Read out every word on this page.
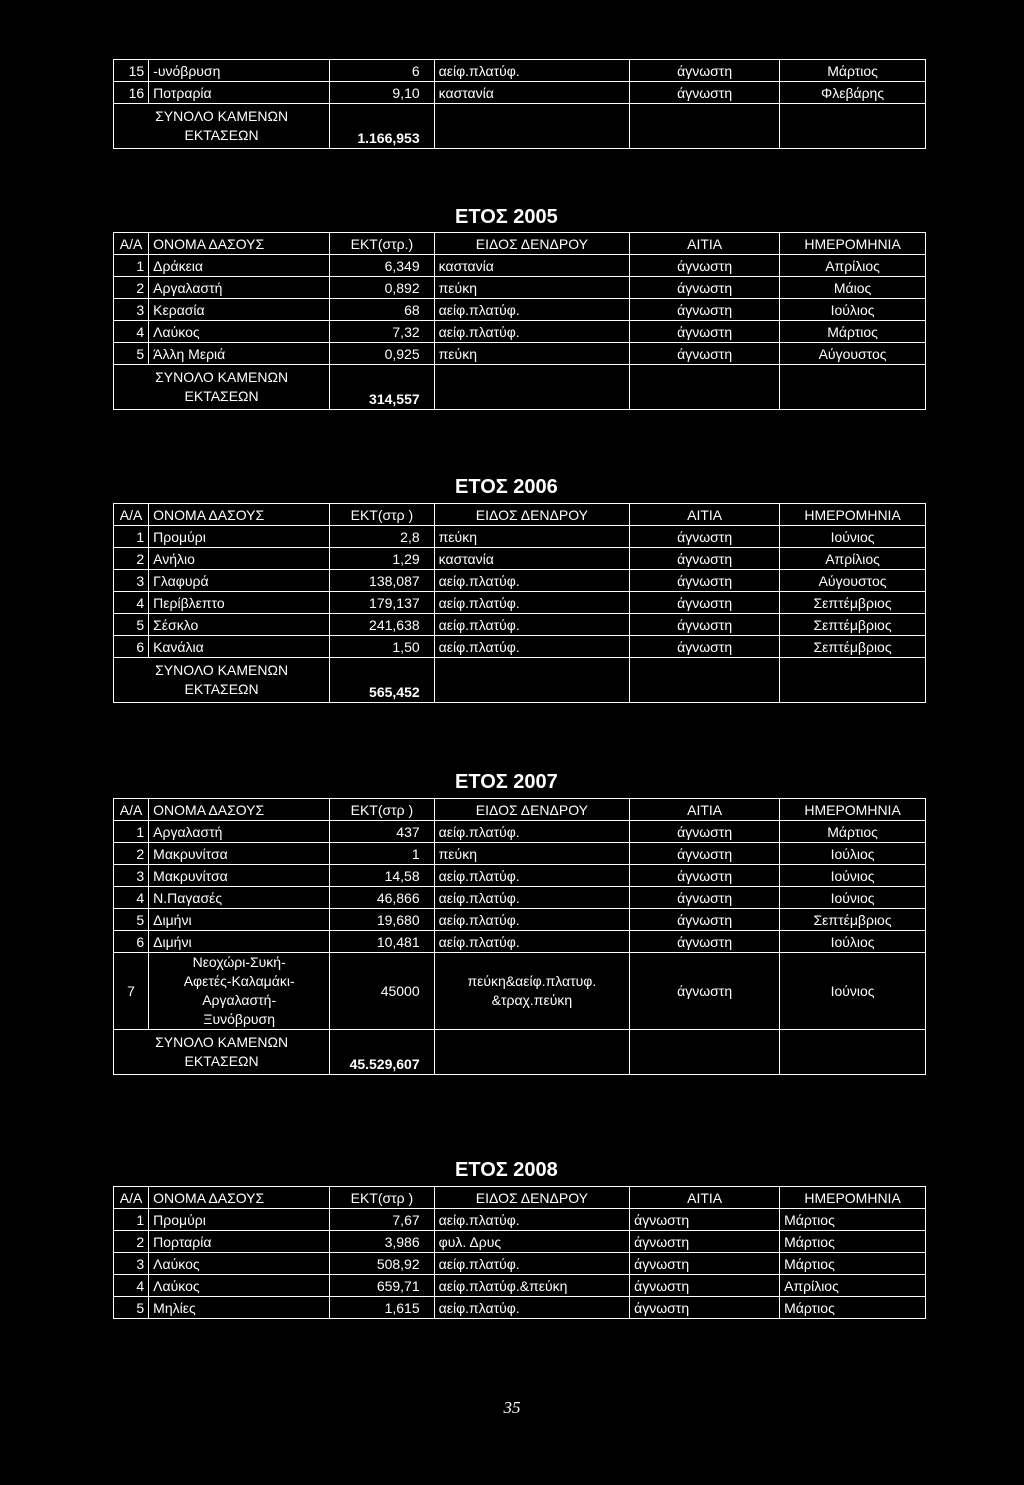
15	-υνόβρυση	6	αείφ.πλατύφ.	άγνωστη	Μάρτιος
16	Ποτραρία	9,10	καστανία	άγνωστη	Φλεβάρης
ΣΥΝΟΛΟ ΚΑΜΕΝΩΝ
ΕΚΤΑΣΕΩΝ		1.166,953			
ΕΤΟΣ 2005
Α/Α	ΟΝΟΜΑ ΔΑΣΟΥΣ	ΕΚΤ(στρ.)	ΕΙΔΟΣ ΔΕΝΔΡΟΥ	ΑΙΤΙΑ	ΗΜΕΡΟΜΗΝΙΑ
1	Δράκεια	6,349	καστανία	άγνωστη	Απρίλιος
2	Αργαλαστή	0,892	πεύκη	άγνωστη	Μάιος
3	Κερασία	68	αείφ.πλατύφ.	άγνωστη	Ιούλιος
4	Λαύκος	7,32	αείφ.πλατύφ.	άγνωστη	Μάρτιος
5	Άλλη Μεριά	0,925	πεύκη	άγνωστη	Αύγουστος
ΣΥΝΟΛΟ ΚΑΜΕΝΩΝ
ΕΚΤΑΣΕΩΝ		314,557			
ΕΤΟΣ 2006
Α/Α	ΟΝΟΜΑ ΔΑΣΟΥΣ	ΕΚΤ(στρ )	ΕΙΔΟΣ ΔΕΝΔΡΟΥ	ΑΙΤΙΑ	ΗΜΕΡΟΜΗΝΙΑ
1	Προμύρι	2,8	πεύκη	άγνωστη	Ιούνιος
2	Ανήλιο	1,29	καστανία	άγνωστη	Απρίλιος
3	Γλαφυρά	138,087	αείφ.πλατύφ.	άγνωστη	Αύγουστος
4	Περίβλεπτο	179,137	αείφ.πλατύφ.	άγνωστη	Σεπτέμβριος
5	Σέσκλο	241,638	αείφ.πλατύφ.	άγνωστη	Σεπτέμβριος
6	Κανάλια	1,50	αείφ.πλατύφ.	άγνωστη	Σεπτέμβριος
ΣΥΝΟΛΟ ΚΑΜΕΝΩΝ
ΕΚΤΑΣΕΩΝ		565,452			
ΕΤΟΣ 2007
Α/Α	ΟΝΟΜΑ ΔΑΣΟΥΣ	ΕΚΤ(στρ )	ΕΙΔΟΣ ΔΕΝΔΡΟΥ	ΑΙΤΙΑ	ΗΜΕΡΟΜΗΝΙΑ
1	Αργαλαστή	437	αείφ.πλατύφ.	άγνωστη	Μάρτιος
2	Μακρυνίτσα	1	πεύκη	άγνωστη	Ιούλιος
3	Μακρυνίτσα	14,58	αείφ.πλατύφ.	άγνωστη	Ιούνιος
4	Ν.Παγασές	46,866	αείφ.πλατύφ.	άγνωστη	Ιούνιος
5	Διμήνι	19,680	αείφ.πλατύφ.	άγνωστη	Σεπτέμβριος
6	Διμήνι	10,481	αείφ.πλατύφ.	άγνωστη	Ιούλιος
7	Νεοχώρι-Συκή-
Αφετές-Καλαμάκι-
Αργαλαστή-
Ξυνόβρυση	45000	πεύκη&αείφ.πλατυφ.
&τραχ.πεύκη	άγνωστη	Ιούνιος
ΣΥΝΟΛΟ ΚΑΜΕΝΩΝ
ΕΚΤΑΣΕΩΝ		45.529,607			
ΕΤΟΣ 2008
Α/Α	ΟΝΟΜΑ ΔΑΣΟΥΣ	ΕΚΤ(στρ )	ΕΙΔΟΣ ΔΕΝΔΡΟΥ	ΑΙΤΙΑ	ΗΜΕΡΟΜΗΝΙΑ
1	Προμύρι	7,67	αείφ.πλατύφ.	άγνωστη	Μάρτιος
2	Πορταρία	3,986	φυλ. Δρυς	άγνωστη	Μάρτιος
3	Λαύκος	508,92	αείφ.πλατύφ.	άγνωστη	Μάρτιος
4	Λαύκος	659,71	αείφ.πλατύφ.&πεύκη	άγνωστη	Απρίλιος
5	Μηλίες	1,615	αείφ.πλατύφ.	άγνωστη	Μάρτιος
35
